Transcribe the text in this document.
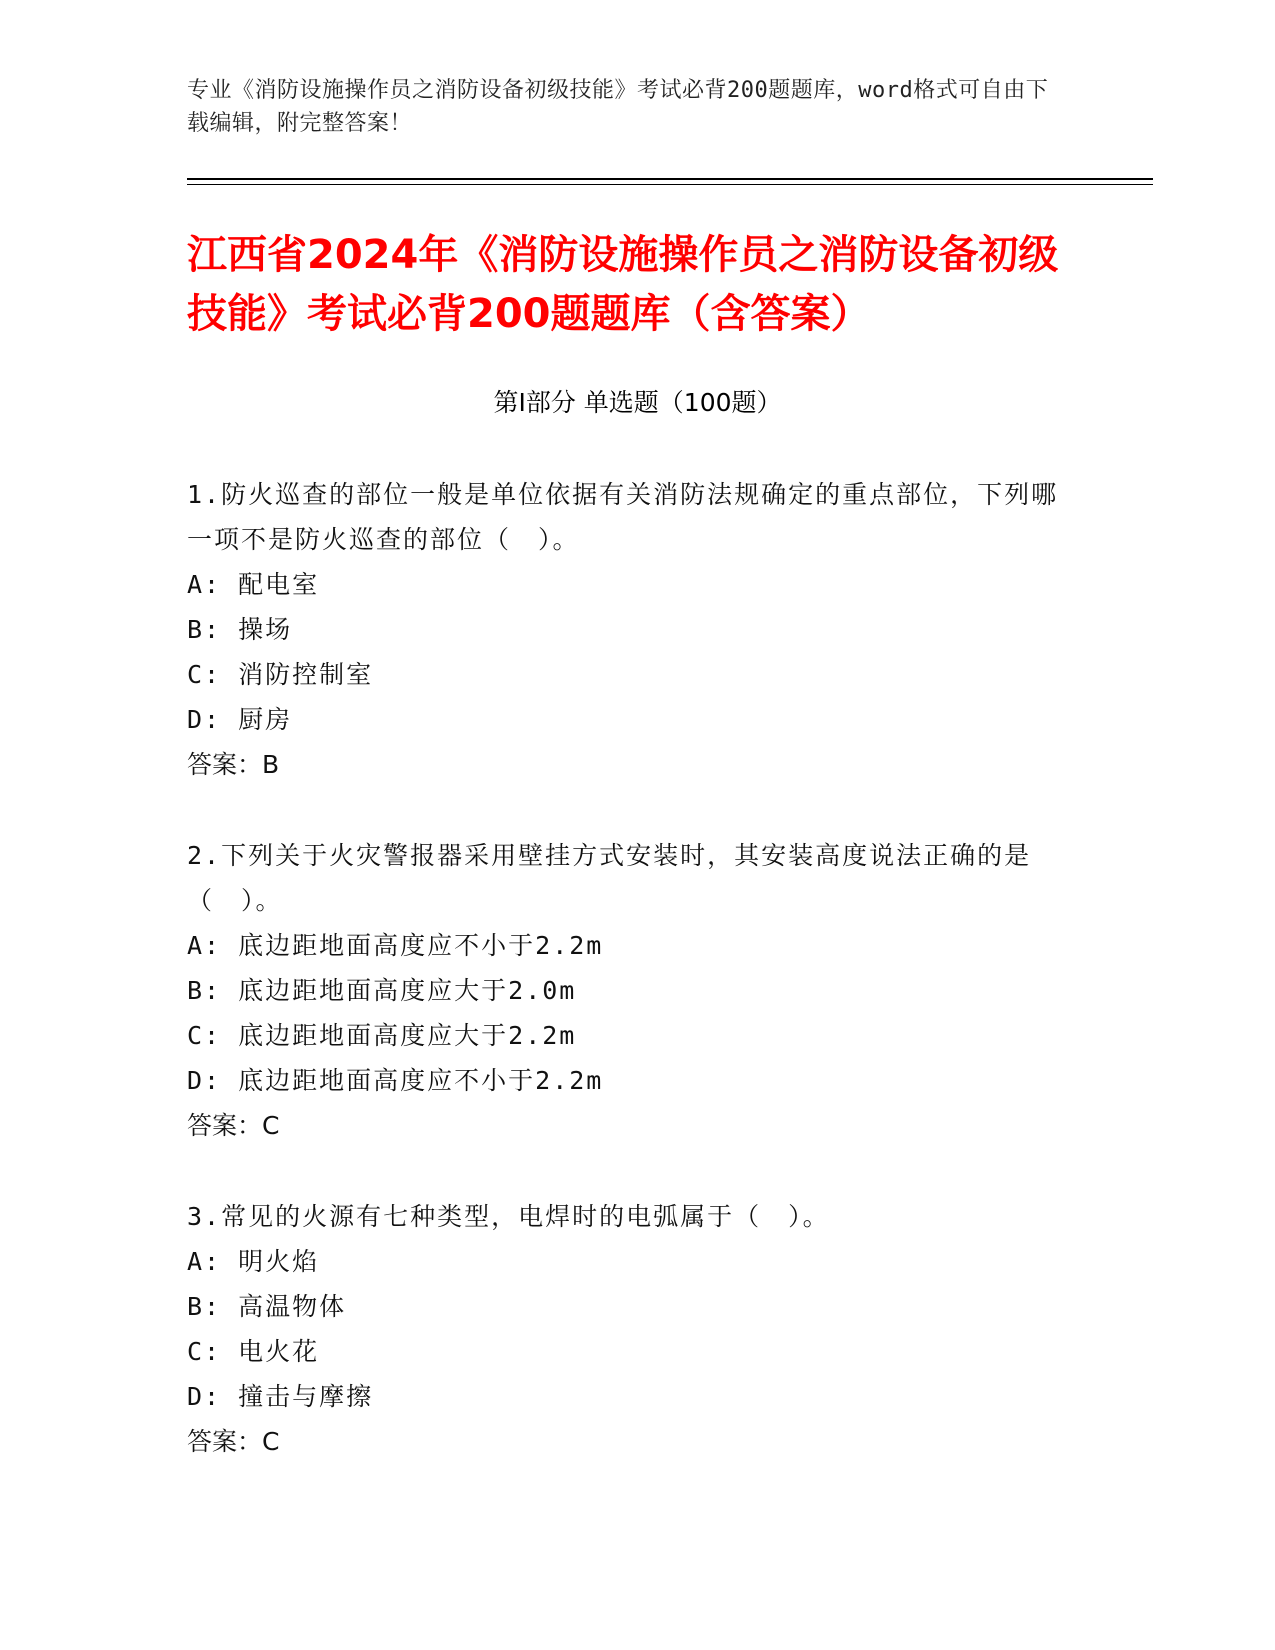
专业《消防设施操作员之消防设备初级技能》考试必背200题题库，word格式可自由下载编辑，附完整答案！
江西省2024年《消防设施操作员之消防设备初级技能》考试必背200题题库（含答案）
第I部分 单选题（100题）
1.防火巡查的部位一般是单位依据有关消防法规确定的重点部位，下列哪一项不是防火巡查的部位（　）。
A: 配电室
B: 操场
C: 消防控制室
D: 厨房
答案：B
2.下列关于火灾警报器采用壁挂方式安装时，其安装高度说法正确的是（　）。
A: 底边距地面高度应不小于2.2m
B: 底边距地面高度应大于2.0m
C: 底边距地面高度应大于2.2m
D: 底边距地面高度应不小于2.2m
答案：C
3.常见的火源有七种类型，电焊时的电弧属于（　）。
A: 明火焰
B: 高温物体
C: 电火花
D: 撞击与摩擦
答案：C
